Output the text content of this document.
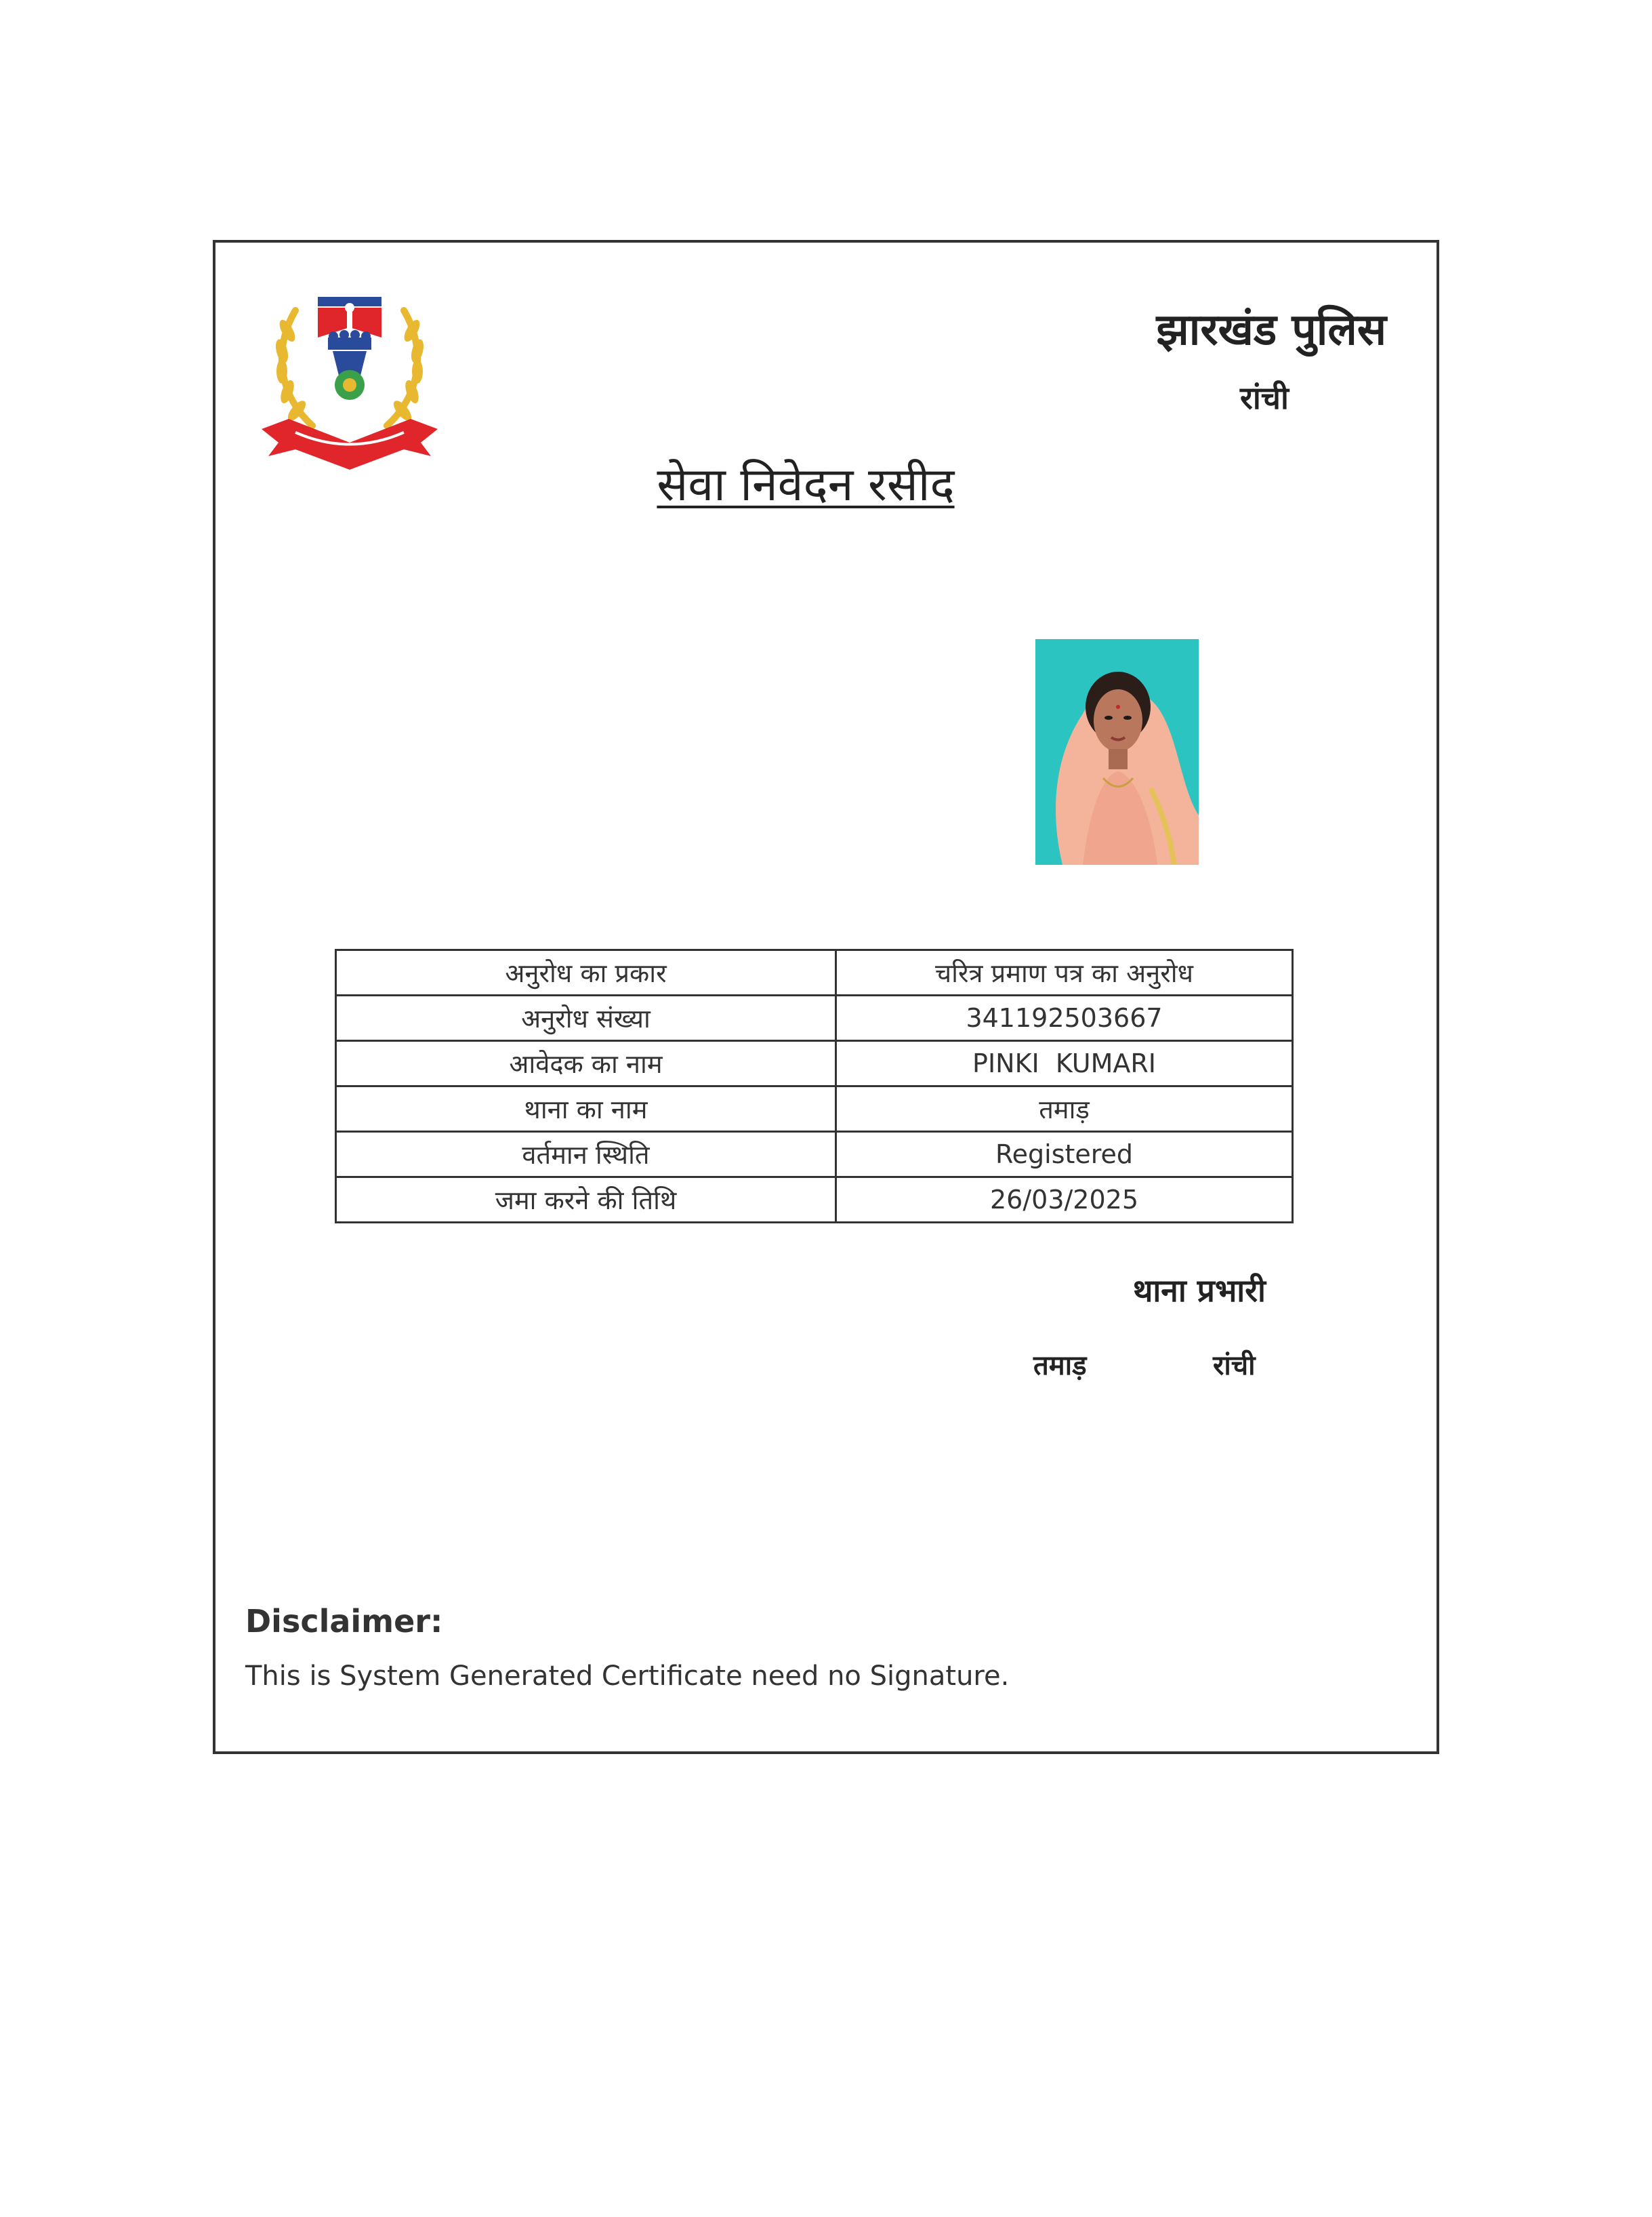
झारखंड पुलिस
रांची
सेवा निवेदन रसीद
अनुरोध का प्रकार	चरित्र प्रमाण पत्र का अनुरोध
अनुरोध संख्या	341192503667
आवेदक का नाम	PINKI  KUMARI
थाना का नाम	तमाड़
वर्तमान स्थिति	Registered
जमा करने की तिथि	26/03/2025
थाना प्रभारी
तमाड़	रांची
Disclaimer:
This is System Generated Certificate need no Signature.
